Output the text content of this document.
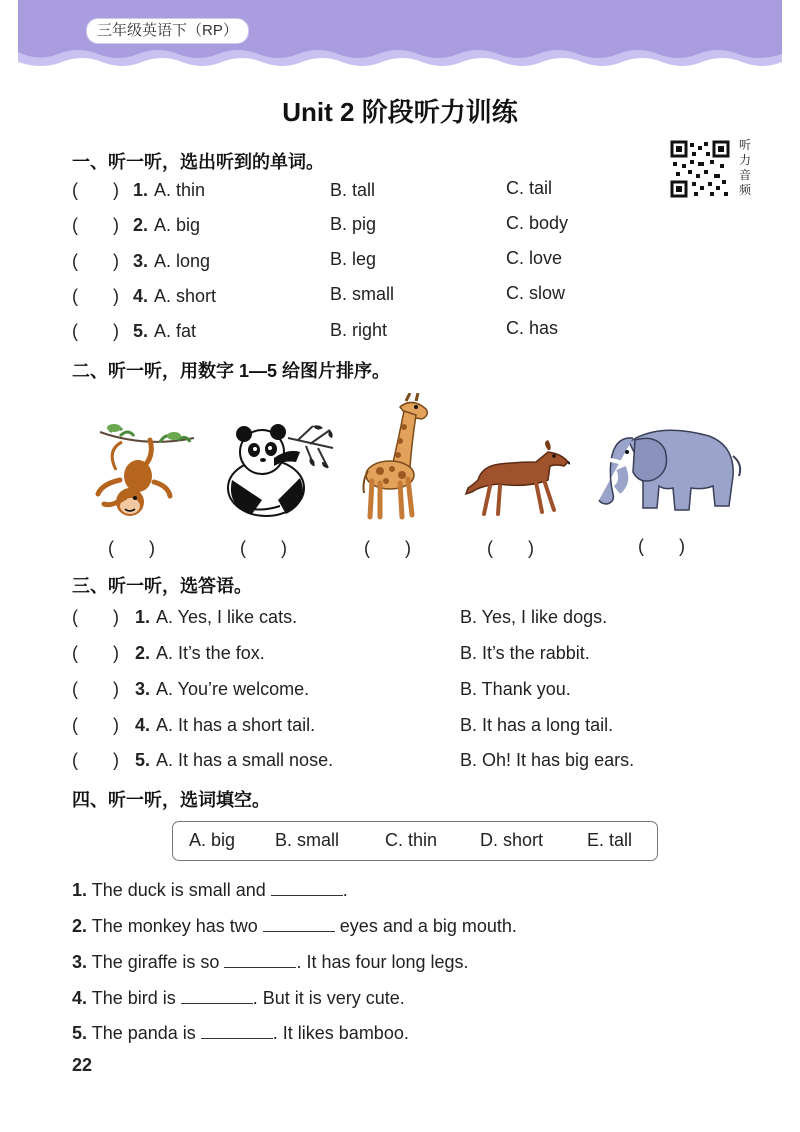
三年级英语下（RP）
Unit 2 阶段听力训练
听力音频
一、听一听，选出听到的单词。
(       ) 1. A. thin	B. tall	C. tail
(       ) 2. A. big	B. pig	C. body
(       ) 3. A. long	B. leg	C. love
(       ) 4. A. short	B. small	C. slow
(       ) 5. A. fat	B. right	C. has
二、听一听，用数字 1—5 给图片排序。
(       )	(       )	(       )	(       )	(       )
三、听一听，选答语。
(       ) 1. A. Yes, I like cats.	B. Yes, I like dogs.
(       ) 2. A. It’s the fox.	B. It’s the rabbit.
(       ) 3. A. You’re welcome.	B. Thank you.
(       ) 4. A. It has a short tail.	B. It has a long tail.
(       ) 5. A. It has a small nose.	B. Oh! It has big ears.
四、听一听，选词填空。
A. big B. small	C. thin D. short E. tall
1. The duck is small and	.
2. The monkey has two	eyes and a big mouth.
3. The giraffe is so	. It has four long legs.
4. The bird is	. But it is very cute.
5. The panda is	. It likes bamboo.
22
